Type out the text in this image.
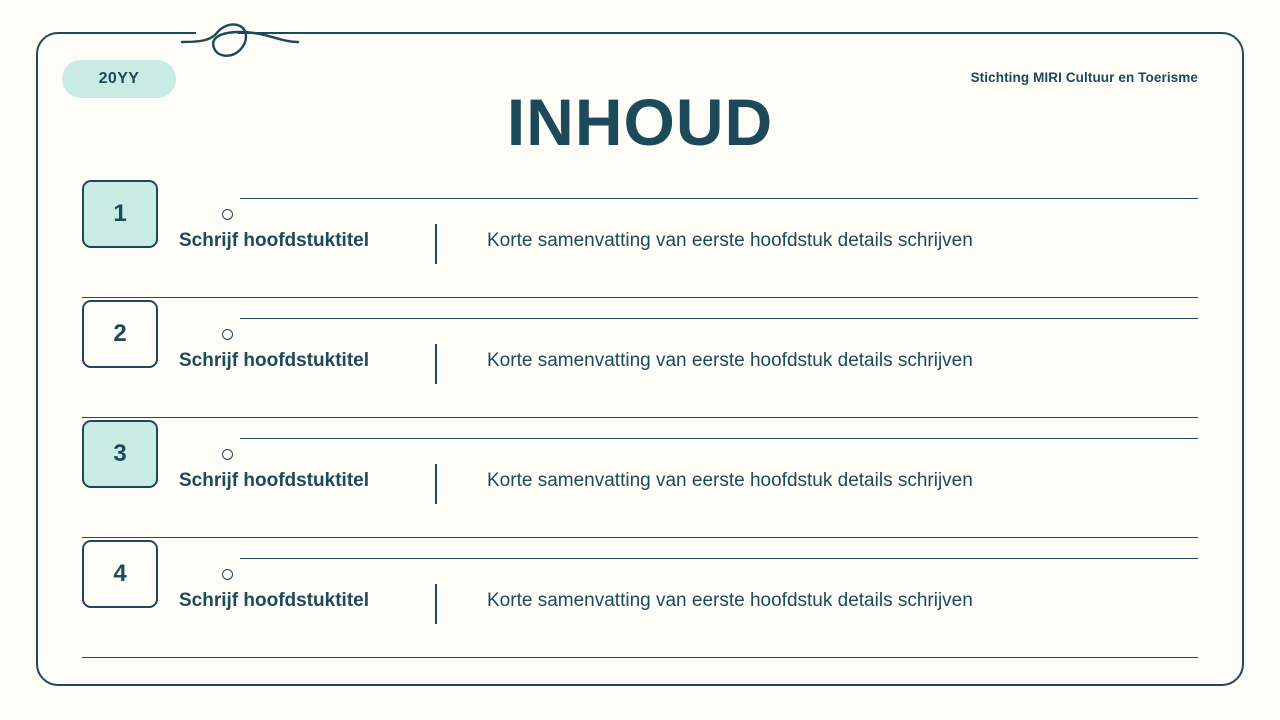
20YY	Stichting MIRI Cultuur en Toerisme
INHOUD
1
Schrijf hoofdstuktitel	Korte samenvatting van eerste hoofdstuk details schrijven
2
Schrijf hoofdstuktitel	Korte samenvatting van eerste hoofdstuk details schrijven
3
Schrijf hoofdstuktitel	Korte samenvatting van eerste hoofdstuk details schrijven
4
Schrijf hoofdstuktitel	Korte samenvatting van eerste hoofdstuk details schrijven
